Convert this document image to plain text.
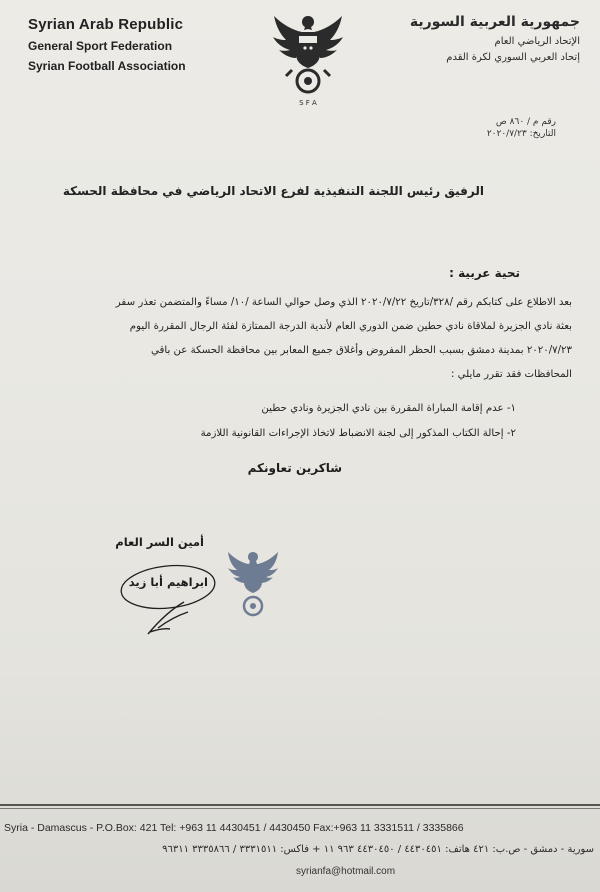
Syrian Arab Republic
General Sport Federation
Syrian Football Association
S F A
جمهورية العربية السورية
الإتحاد الرياضي العام
إتحاد العربي السوري لكرة القدم
رقم م / ٨٦٠ ص
التاريخ: ٢٠٢٠/٧/٢٣
الرفيق رئيس اللجنة التنفيذية لفرع الاتحاد الرياضي في محافظة الحسكة
تحية عربية :
بعد الاطلاع على كتابكم رقم /٣٢٨/تاريخ ٢٠٢٠/٧/٢٢ الذي وصل حوالي الساعة /١٠/ مساءً والمتضمن تعذر سفر
بعثة نادي الجزيرة لملاقاة نادي حطين ضمن الدوري العام لأندية الدرجة الممتازة لفئة الرجال المقررة اليوم
٢٠٢٠/٧/٢٣ بمدينة دمشق بسبب الحظر المفروض وأغلاق جميع المعابر بين محافظة الحسكة عن باقي
المحافظات فقد تقرر مايلي :
١- عدم إقامة المباراة المقررة بين نادي الجزيرة ونادي حطين
٢- إحالة الكتاب المذكور إلى لجنة الانضباط لاتخاذ الإجراءات القانونية اللازمة
شاكرين تعاونكم
أمين السر العام
ابراهيم أبا زيد
Syria - Damascus - P.O.Box: 421 Tel: +963 11 4430451 / 4430450 Fax:+963 11 3331511 / 3335866
سورية - دمشق - ص.ب: ٤٢١ هاتف: ٤٤٣٠٤٥١ / ٤٤٣٠٤٥٠ ٩٦٣ ١١ + فاكس: ٣٣٣١٥١١ / ٣٣٣٥٨٦٦ ٩٦٣١١
syrianfa@hotmail.com
